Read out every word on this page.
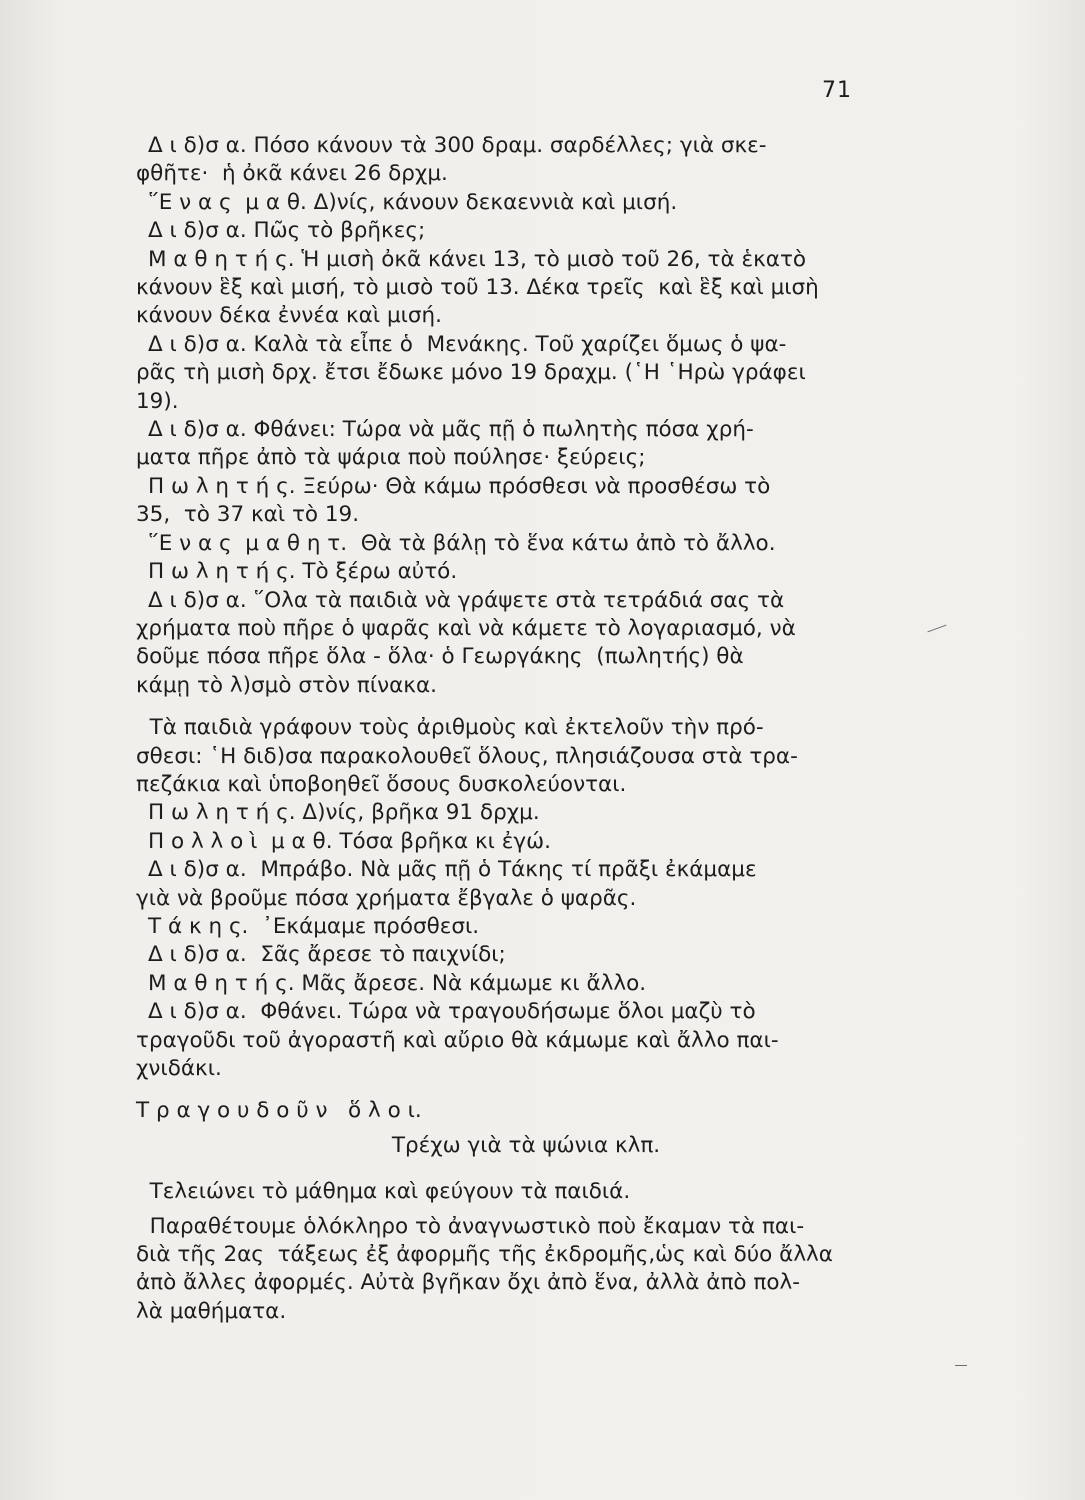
71
Δ ι δ)σ α. Πόσο κάνουν τὰ 300 δραμ. σαρδέλλες; γιὰ σκε-
φθῆτε·  ἡ ὀκᾶ κάνει 26 δρχμ.
῞Ε ν α ς  μ α θ. Δ)νίς, κάνουν δεκαεννιὰ καὶ μισή.
Δ ι δ)σ α. Πῶς τὸ βρῆκες;
Μ α θ η τ ή ς. Ἡ μισὴ ὀκᾶ κάνει 13, τὸ μισὸ τοῦ 26, τὰ ἑκατὸ
κάνουν ἓξ καὶ μισή, τὸ μισὸ τοῦ 13. Δέκα τρεῖς  καὶ ἓξ καὶ μισὴ
κάνουν δέκα ἐννέα καὶ μισή.
Δ ι δ)σ α. Καλὰ τὰ εἶπε ὁ  Μενάκης. Τοῦ χαρίζει ὅμως ὁ ψα-
ρᾶς τὴ μισὴ δρχ. ἔτσι ἔδωκε μόνο 19 δραχμ. (῾Η ῾Ηρὼ γράφει
19).
Δ ι δ)σ α. Φθάνει: Τώρα νὰ μᾶς πῇ ὁ πωλητὴς πόσα χρή-
ματα πῆρε ἀπὸ τὰ ψάρια ποὺ πούλησε· ξεύρεις;
Π ω λ η τ ή ς. Ξεύρω· Θὰ κάμω πρόσθεσι νὰ προσθέσω τὸ
35,  τὸ 37 καὶ τὸ 19.
῞Ε ν α ς  μ α θ η τ.  Θὰ τὰ βάλῃ τὸ ἕνα κάτω ἀπὸ τὸ ἄλλο.
Π ω λ η τ ή ς. Τὸ ξέρω αὐτό.
Δ ι δ)σ α. ῞Ολα τὰ παιδιὰ νὰ γράψετε στὰ τετράδιά σας τὰ
χρήματα ποὺ πῆρε ὁ ψαρᾶς καὶ νὰ κάμετε τὸ λογαριασμό, νὰ
δοῦμε πόσα πῆρε ὅλα - ὅλα· ὁ Γεωργάκης  (πωλητής) θὰ
κάμῃ τὸ λ)σμὸ στὸν πίνακα.
Τὰ παιδιὰ γράφουν τοὺς ἀριθμοὺς καὶ ἐκτελοῦν τὴν πρό-
σθεσι: ῾Η διδ)σα παρακολουθεῖ ὅλους, πλησιάζουσα στὰ τρα-
πεζάκια καὶ ὑποβοηθεῖ ὅσους δυσκολεύονται.
Π ω λ η τ ή ς. Δ)νίς, βρῆκα 91 δρχμ.
Π ο λ λ ο ὶ  μ α θ. Τόσα βρῆκα κι ἐγώ.
Δ ι δ)σ α.  Μπράβο. Νὰ μᾶς πῇ ὁ Τάκης τί πρᾶξι ἐκάμαμε
γιὰ νὰ βροῦμε πόσα χρήματα ἔβγαλε ὁ ψαρᾶς.
Τ ά κ η ς.  ᾿Εκάμαμε πρόσθεσι.
Δ ι δ)σ α.  Σᾶς ἄρεσε τὸ παιχνίδι;
Μ α θ η τ ή ς. Μᾶς ἄρεσε. Νὰ κάμωμε κι ἄλλο.
Δ ι δ)σ α.  Φθάνει. Τώρα νὰ τραγουδήσωμε ὅλοι μαζὺ τὸ
τραγοῦδι τοῦ ἀγοραστῆ καὶ αὔριο θὰ κάμωμε καὶ ἄλλο παι-
χνιδάκι.
Τ ρ α γ ο υ δ ο ῦ ν   ὅ λ ο ι.
Τρέχω γιὰ τὰ ψώνια κλπ.
Τελειώνει τὸ μάθημα καὶ φεύγουν τὰ παιδιά.
Παραθέτουμε ὁλόκληρο τὸ ἀναγνωστικὸ ποὺ ἔκαμαν τὰ παι-
διὰ τῆς 2ας  τάξεως ἐξ ἀφορμῆς τῆς ἐκδρομῆς,ὡς καὶ δύο ἄλλα
ἀπὸ ἄλλες ἀφορμές. Αὐτὰ βγῆκαν ὄχι ἀπὸ ἕνα, ἀλλὰ ἀπὸ πολ-
λὰ μαθήματα.
